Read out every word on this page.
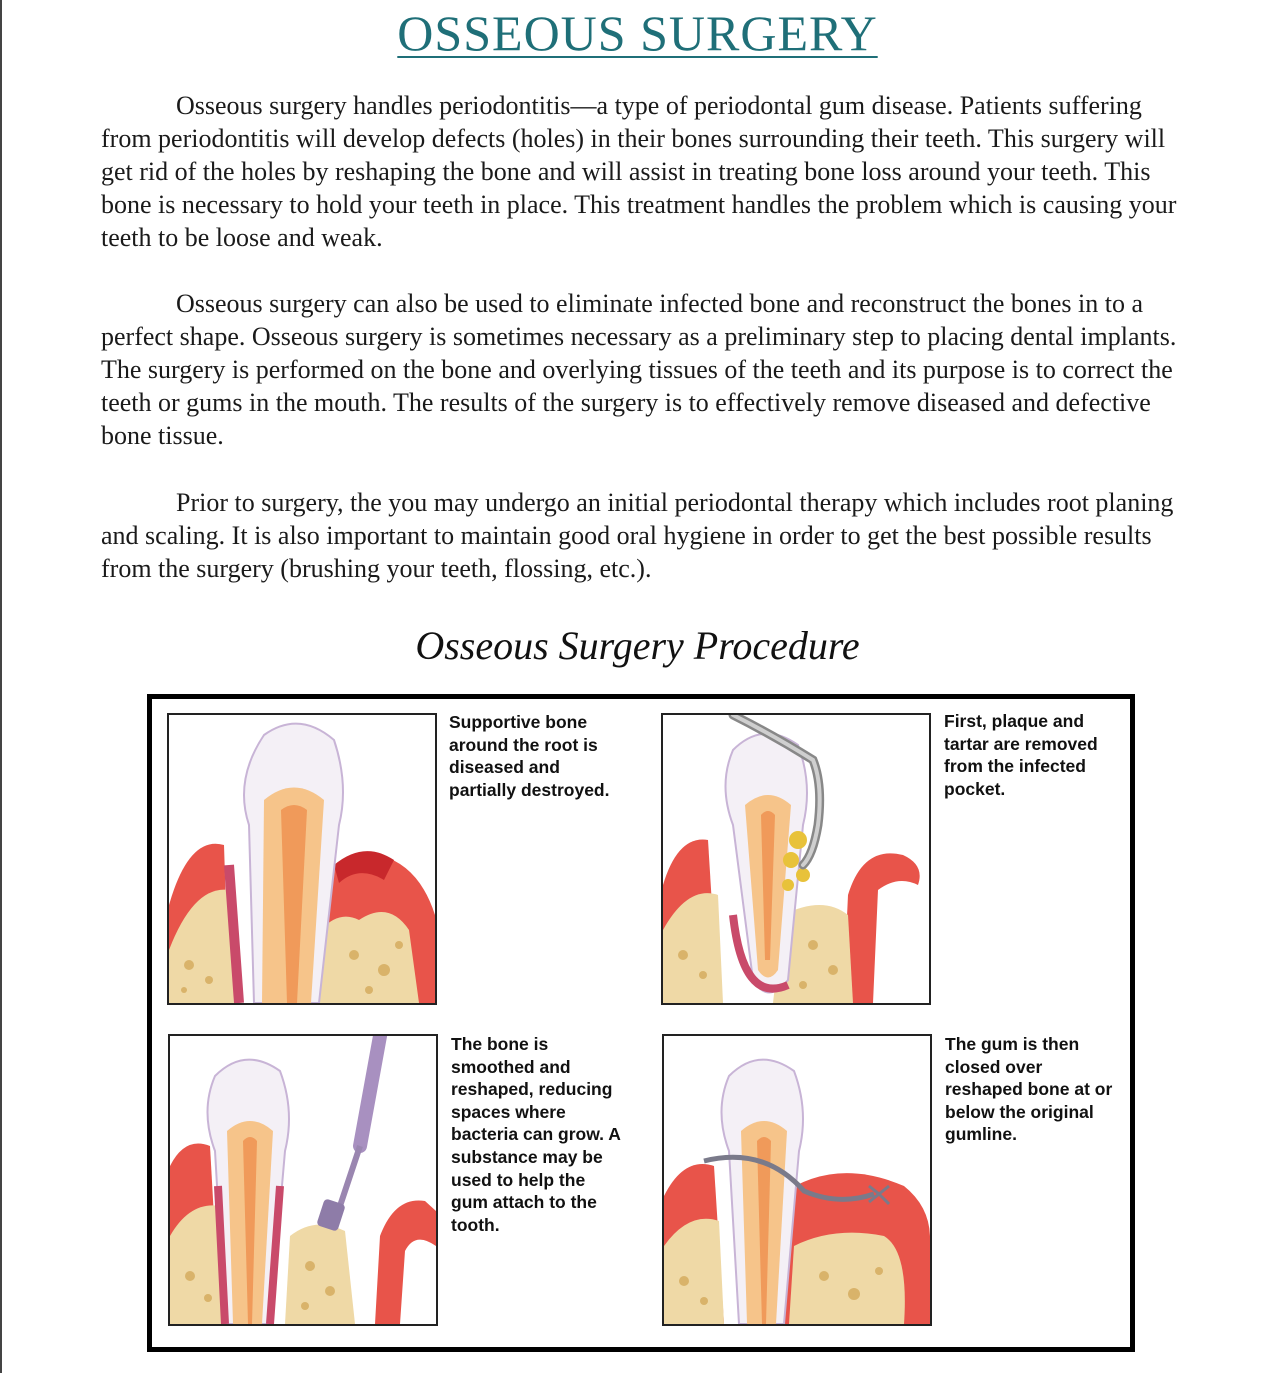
OSSEOUS SURGERY

Osseous surgery handles periodontitis—a type of periodontal gum disease. Patients suffering from periodontitis will develop defects (holes) in their bones surrounding their teeth. This surgery will get rid of the holes by reshaping the bone and will assist in treating bone loss around your teeth. This bone is necessary to hold your teeth in place. This treatment handles the problem which is causing your teeth to be loose and weak.

Osseous surgery can also be used to eliminate infected bone and reconstruct the bones in to a perfect shape. Osseous surgery is sometimes necessary as a preliminary step to placing dental implants. The surgery is performed on the bone and overlying tissues of the teeth and its purpose is to correct the teeth or gums in the mouth. The results of the surgery is to effectively remove diseased and defective bone tissue.

Prior to surgery, the you may undergo an initial periodontal therapy which includes root planing and scaling. It is also important to maintain good oral hygiene in order to get the best possible results from the surgery (brushing your teeth, flossing, etc.).

Osseous Surgery Procedure

Supportive bone around the root is diseased and partially destroyed.

First, plaque and tartar are removed from the infected pocket.

The bone is smoothed and reshaped, reducing spaces where bacteria can grow. A substance may be used to help the gum attach to the tooth.

The gum is then closed over reshaped bone at or below the original gumline.
